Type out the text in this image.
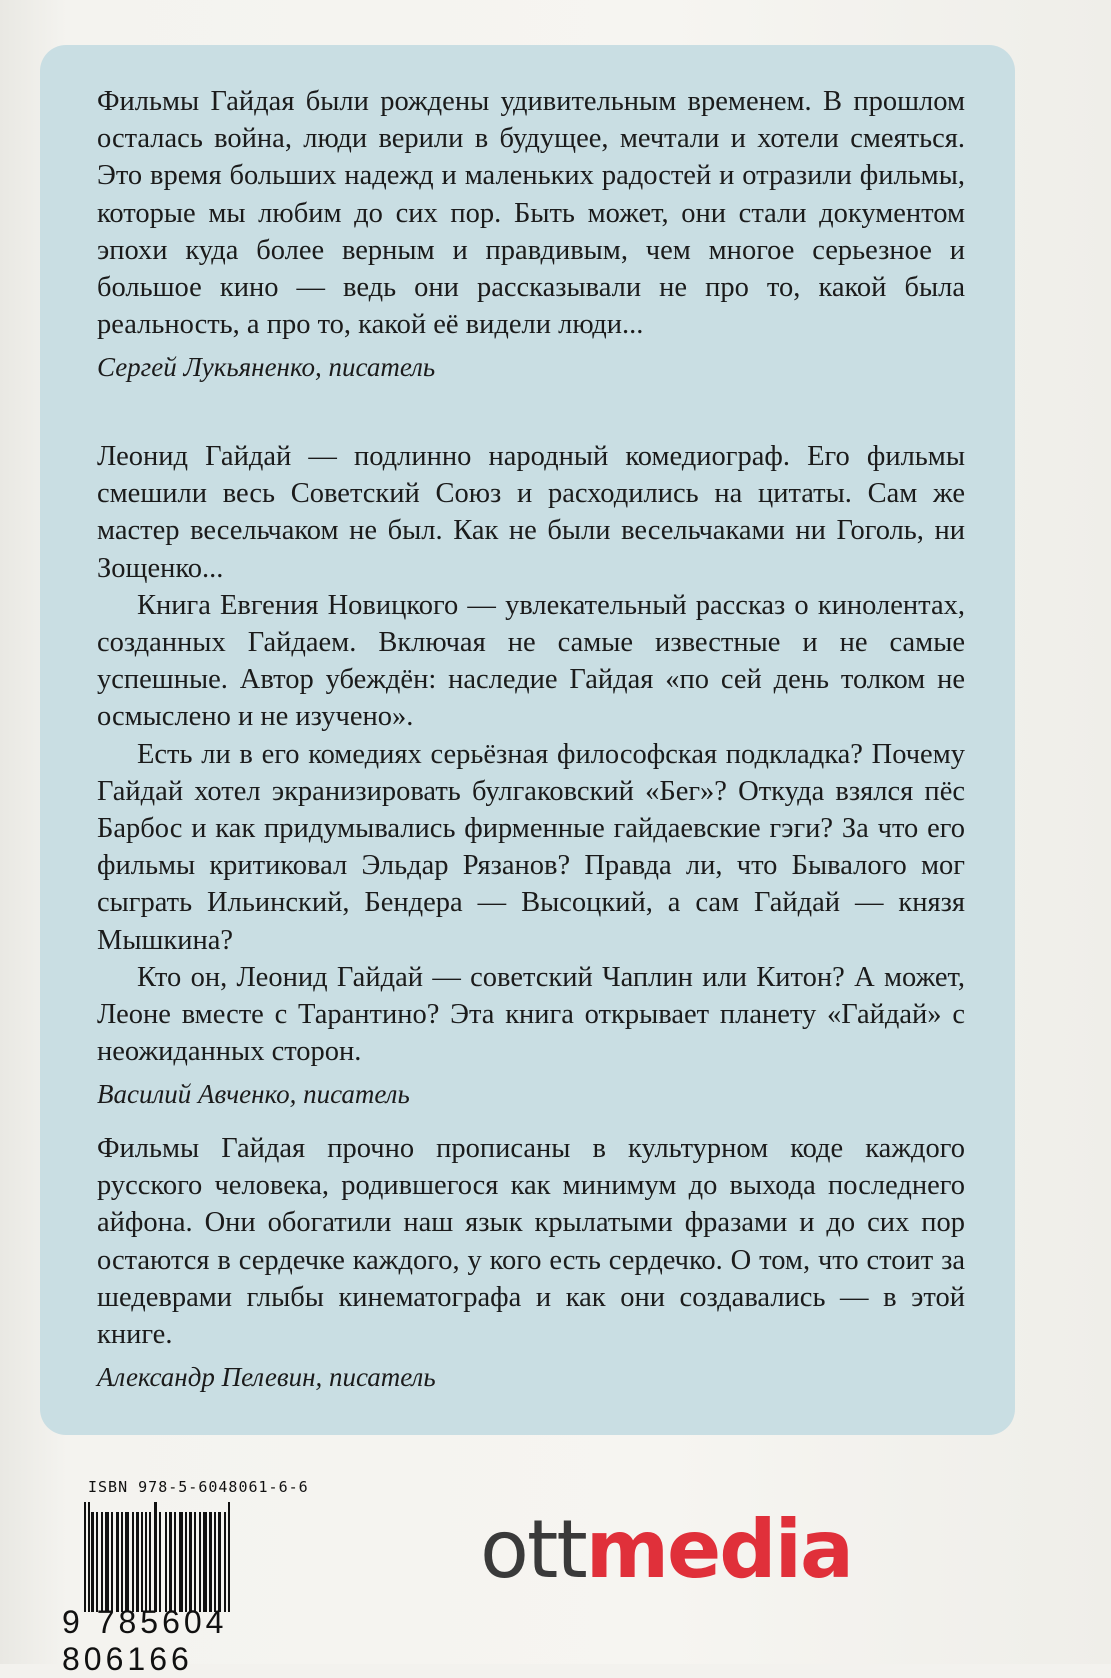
Фильмы Гайдая были рождены удивительным временем. В прошлом осталась война, люди верили в будущее, мечтали и хотели смеяться. Это время больших надежд и маленьких радостей и отразили фильмы, которые мы любим до сих пор. Быть может, они стали документом эпохи куда более верным и правдивым, чем многое серьезное и большое кино — ведь они рассказывали не про то, какой была реальность, а про то, какой её видели люди...

Сергей Лукьяненко, писатель

Леонид Гайдай — подлинно народный комедиограф. Его фильмы смешили весь Советский Союз и расходились на цитаты. Сам же мастер весельчаком не был. Как не были весельчаками ни Гоголь, ни Зощенко...

Книга Евгения Новицкого — увлекательный рассказ о кинолентах, созданных Гайдаем. Включая не самые известные и не самые успешные. Автор убеждён: наследие Гайдая «по сей день толком не осмыслено и не изучено».

Есть ли в его комедиях серьёзная философская подкладка? Почему Гайдай хотел экранизировать булгаковский «Бег»? Откуда взялся пёс Барбос и как придумывались фирменные гайдаевские гэги? За что его фильмы критиковал Эльдар Рязанов? Правда ли, что Бывалого мог сыграть Ильинский, Бендера — Высоцкий, а сам Гайдай — князя Мышкина?

Кто он, Леонид Гайдай — советский Чаплин или Китон? А может, Леоне вместе с Тарантино? Эта книга открывает планету «Гайдай» с неожиданных сторон.

Василий Авченко, писатель

Фильмы Гайдая прочно прописаны в культурном коде каждого русского человека, родившегося как минимум до выхода последнего айфона. Они обогатили наш язык крылатыми фразами и до сих пор остаются в сердечке каждого, у кого есть сердечко. О том, что стоит за шедеврами глыбы кинематографа и как они создавались — в этой книге.

Александр Пелевин, писатель

ISBN 978-5-6048061-6-6
9 785604 806166
ottmedia
